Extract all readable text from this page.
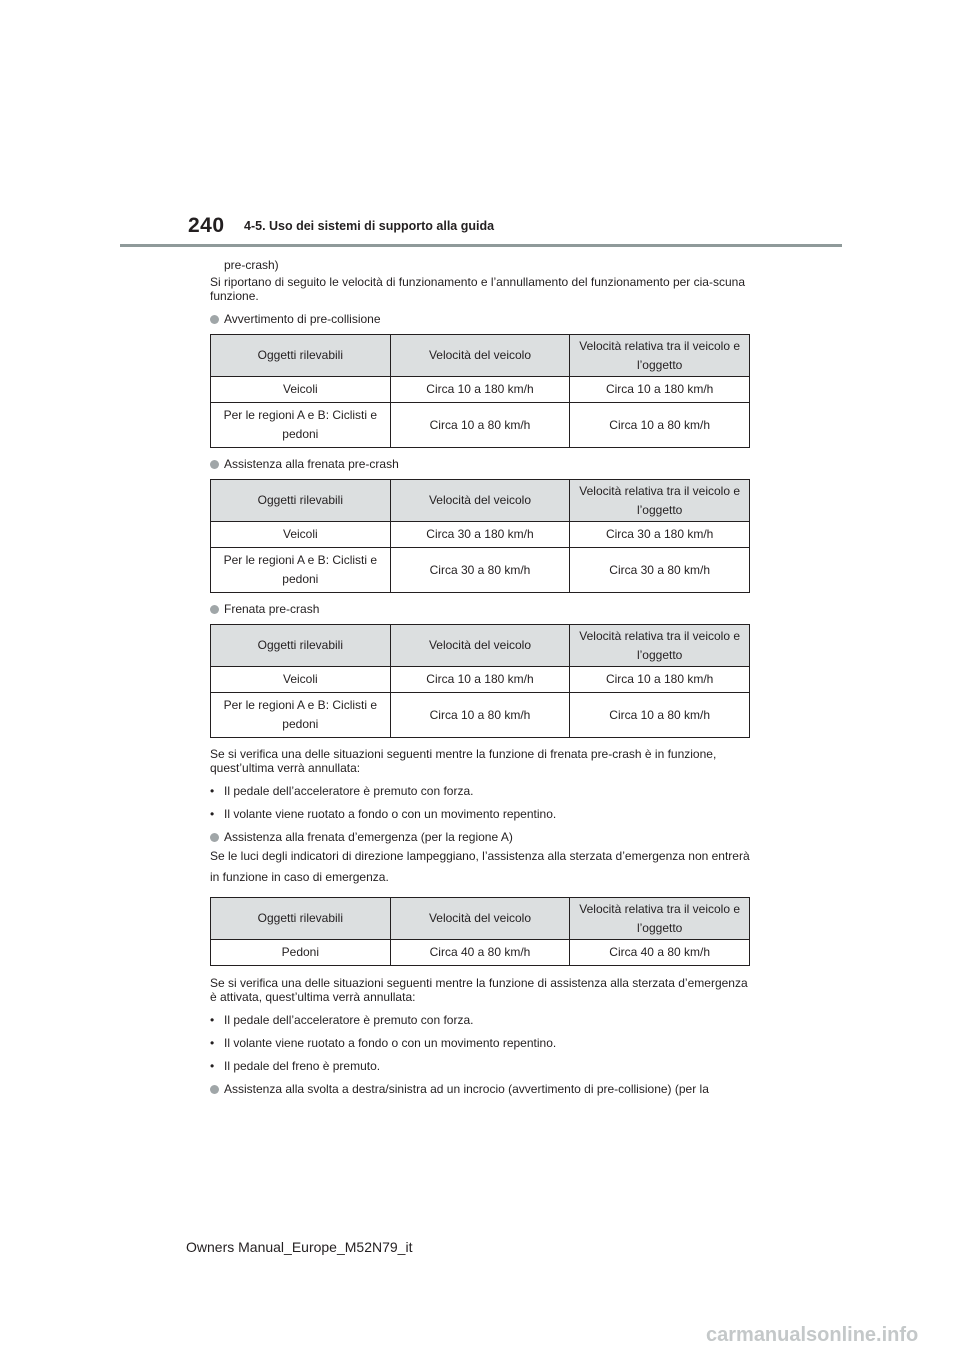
240 4-5. Uso dei sistemi di supporto alla guida

pre-crash)

Si riportano di seguito le velocità di funzionamento e l’annullamento del funzionamento per cia-scuna funzione.

Avvertimento di pre-collisione
Oggetti rilevabili	Velocità del veicolo	Velocità relativa tra il veicolo e l’oggetto
Veicoli	Circa 10 a 180 km/h	Circa 10 a 180 km/h
Per le regioni A e B: Ciclisti e pedoni	Circa 10 a 80 km/h	Circa 10 a 80 km/h
Assistenza alla frenata pre-crash
Oggetti rilevabili	Velocità del veicolo	Velocità relativa tra il veicolo e l’oggetto
Veicoli	Circa 30 a 180 km/h	Circa 30 a 180 km/h
Per le regioni A e B: Ciclisti e pedoni	Circa 30 a 80 km/h	Circa 30 a 80 km/h
Frenata pre-crash
Oggetti rilevabili	Velocità del veicolo	Velocità relativa tra il veicolo e l’oggetto
Veicoli	Circa 10 a 180 km/h	Circa 10 a 180 km/h
Per le regioni A e B: Ciclisti e pedoni	Circa 10 a 80 km/h	Circa 10 a 80 km/h

Se si verifica una delle situazioni seguenti mentre la funzione di frenata pre-crash è in funzione, quest’ultima verrà annullata:

• Il pedale dell’acceleratore è premuto con forza.
• Il volante viene ruotato a fondo o con un movimento repentino.
Assistenza alla frenata d’emergenza (per la regione A)

Se le luci degli indicatori di direzione lampeggiano, l’assistenza alla sterzata d’emergenza non entrerà in funzione in caso di emergenza.

Oggetti rilevabili	Velocità del veicolo	Velocità relativa tra il veicolo e l’oggetto
Pedoni	Circa 40 a 80 km/h	Circa 40 a 80 km/h

Se si verifica una delle situazioni seguenti mentre la funzione di assistenza alla sterzata d’emergenza è attivata, quest’ultima verrà annullata:

• Il pedale dell’acceleratore è premuto con forza.
• Il volante viene ruotato a fondo o con un movimento repentino.
• Il pedale del freno è premuto.
Assistenza alla svolta a destra/sinistra ad un incrocio (avvertimento di pre-collisione) (per la
Owners Manual_Europe_M52N79_it
carmanualsonline.info
